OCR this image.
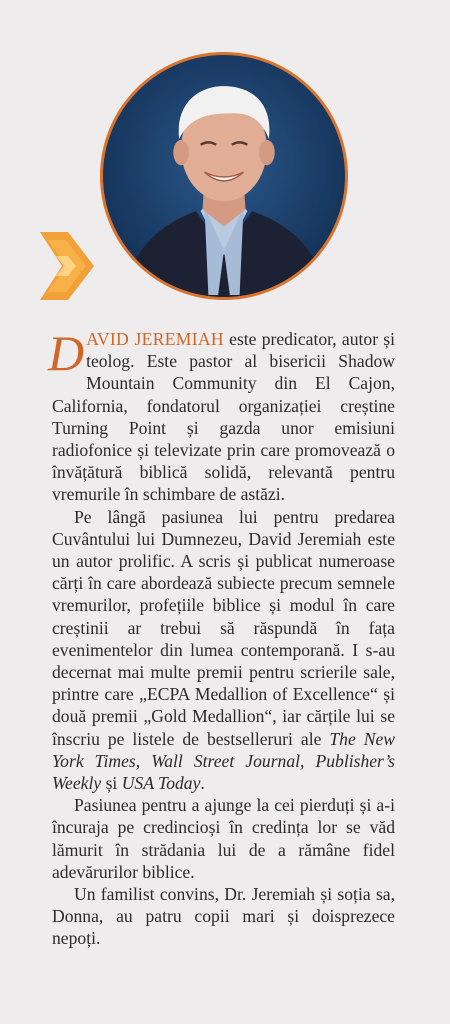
DAVID JEREMIAH este predicator, autor și teolog. Este pastor al bisericii Shadow Mountain Community din El Cajon, California, fondatorul organizației creștine Turning Point și gazda unor emisiuni radiofonice și televizate prin care promovează o învățătură biblică solidă, relevantă pentru vremurile în schimbare de astăzi.

Pe lângă pasiunea lui pentru predarea Cuvântului lui Dumnezeu, David Jeremiah este un autor prolific. A scris și publicat numeroase cărți în care abordează subiecte precum semnele vremurilor, profețiile biblice și modul în care creștinii ar trebui să răspundă în fața evenimentelor din lumea contemporană. I s-au decernat mai multe premii pentru scrierile sale, printre care „ECPA Medallion of Excellence“ și două premii „Gold Medallion“, iar cărțile lui se înscriu pe listele de bestselleruri ale The New York Times, Wall Street Journal, Publisher’s Weekly și USA Today.

Pasiunea pentru a ajunge la cei pierduți și a-i încuraja pe credincioși în credința lor se văd lămurit în strădania lui de a rămâne fidel adevărurilor biblice.

Un familist convins, Dr. Jeremiah și soția sa, Donna, au patru copii mari și doisprezece nepoți.
